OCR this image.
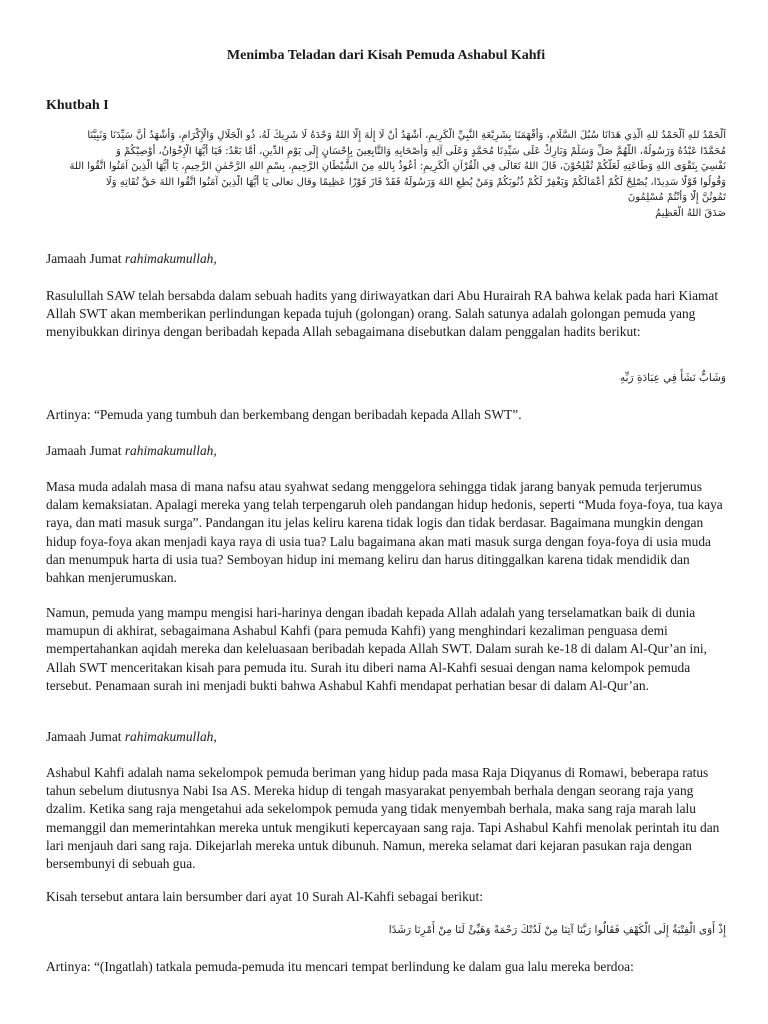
Menimba Teladan dari Kisah Pemuda Ashabul Kahfi
Khutbah I
اَلْحَمْدُ للهِ اَلْحَمْدُ للهِ الَّذِي هَدَانَا سُبُلَ السَّلَامِ، وَأَفْهَمَنَا بِشَرِيْعَةِ النَّبِيِّ الْكَرِيمِ، أَشْهَدُ أَنْ لَا إِلٰهَ إِلَّا اللهُ وَحْدَهُ لَا شَرِيكَ لَهُ، ذُو الْجَلَالِ وَالْإِكْرَامِ، وَأَشْهَدُ أَنَّ سَيِّدَنَا وَنَبِيَّنَا
مُحَمَّدًا عَبْدُهُ وَرَسُولُهُ، اللّٰهُمَّ صَلِّ وَسَلِّمْ وَبَارِكْ عَلَى سَيِّدِنَا مُحَمَّدٍ وَعَلَى آلِهِ وَأَصْحَابِهِ وَالتَّابِعِينَ بِإِحْسَانٍ إِلَى يَوْمِ الدِّينِ، أَمَّا بَعْدُ: فَيَا أَيُّهَا الْإِخْوَانُ، أُوْصِيْكُمْ وَ
نَفْسِيَ بِتَقْوَى اللهِ وَطَاعَتِهِ لَعَلَّكُمْ تُفْلِحُوْنَ، قَالَ اللهُ تَعَالَى فِي الْقُرْآنِ الْكَرِيمِ: أَعُوذُ بِاللهِ مِنَ الشَّيْطَانِ الرَّجِيمِ، بِسْمِ اللهِ الرَّحْمٰنِ الرَّحِيمِ، يَا أَيُّهَا الَّذِينَ آمَنُوا اتَّقُوا اللهَ
وَقُولُوا قَوْلًا سَدِيدًا، يُصْلِحْ لَكُمْ أَعْمَالَكُمْ وَيَغْفِرْ لَكُمْ ذُنُوبَكُمْ وَمَنْ يُطِعِ اللهَ وَرَسُولَهُ فَقَدْ فَازَ فَوْزًا عَظِيمًا وقال تعالى يَا أَيُّهَا الَّذِينَ آمَنُوا اتَّقُوا اللهَ حَقَّ تُقَاتِهِ وَلَا
تَمُوتُنَّ إِلَّا وَأَنْتُمْ مُسْلِمُونَ
صَدَقَ اللهُ الْعَظِيمُ

Jamaah Jumat rahimakumullah,

Rasulullah SAW telah bersabda dalam sebuah hadits yang diriwayatkan dari Abu Hurairah RA bahwa kelak pada hari Kiamat Allah SWT akan memberikan perlindungan kepada tujuh (golongan) orang. Salah satunya adalah golongan pemuda yang menyibukkan dirinya dengan beribadah kepada Allah sebagaimana disebutkan dalam penggalan hadits berikut:

وَشَابٌّ نَشَأَ فِي عِبَادَةِ رَبِّهِ

Artinya: “Pemuda yang tumbuh dan berkembang dengan beribadah kepada Allah SWT”.

Jamaah Jumat rahimakumullah,

Masa muda adalah masa di mana nafsu atau syahwat sedang menggelora sehingga tidak jarang banyak pemuda terjerumus dalam kemaksiatan. Apalagi mereka yang telah terpengaruh oleh pandangan hidup hedonis, seperti “Muda foya-foya, tua kaya raya, dan mati masuk surga”. Pandangan itu jelas keliru karena tidak logis dan tidak berdasar. Bagaimana mungkin dengan hidup foya-foya akan menjadi kaya raya di usia tua? Lalu bagaimana akan mati masuk surga dengan foya-foya di usia muda dan menumpuk harta di usia tua? Semboyan hidup ini memang keliru dan harus ditinggalkan karena tidak mendidik dan bahkan menjerumuskan.

Namun, pemuda yang mampu mengisi hari-harinya dengan ibadah kepada Allah adalah yang terselamatkan baik di dunia mamupun di akhirat, sebagaimana Ashabul Kahfi (para pemuda Kahfi) yang menghindari kezaliman penguasa demi mempertahankan aqidah mereka dan keleluasaan beribadah kepada Allah SWT. Dalam surah ke-18 di dalam Al-Qur’an ini, Allah SWT menceritakan kisah para pemuda itu. Surah itu diberi nama Al-Kahfi sesuai dengan nama kelompok pemuda tersebut. Penamaan surah ini menjadi bukti bahwa Ashabul Kahfi mendapat perhatian besar di dalam Al-Qur’an.

Jamaah Jumat rahimakumullah,

Ashabul Kahfi adalah nama sekelompok pemuda beriman yang hidup pada masa Raja Diqyanus di Romawi, beberapa ratus tahun sebelum diutusnya Nabi Isa AS. Mereka hidup di tengah masyarakat penyembah berhala dengan seorang raja yang dzalim. Ketika sang raja mengetahui ada sekelompok pemuda yang tidak menyembah berhala, maka sang raja marah lalu memanggil dan memerintahkan mereka untuk mengikuti kepercayaan sang raja. Tapi Ashabul Kahfi menolak perintah itu dan lari menjauh dari sang raja. Dikejarlah mereka untuk dibunuh. Namun, mereka selamat dari kejaran pasukan raja dengan bersembunyi di sebuah gua.

Kisah tersebut antara lain bersumber dari ayat 10 Surah Al-Kahfi sebagai berikut:

إِذْ أَوَى الْفِتْيَةُ إِلَى الْكَهْفِ فَقَالُوا رَبَّنَا آتِنَا مِنْ لَدُنْكَ رَحْمَةً وَهَيِّئْ لَنَا مِنْ أَمْرِنَا رَشَدًا

Artinya: “(Ingatlah) tatkala pemuda-pemuda itu mencari tempat berlindung ke dalam gua lalu mereka berdoa:
